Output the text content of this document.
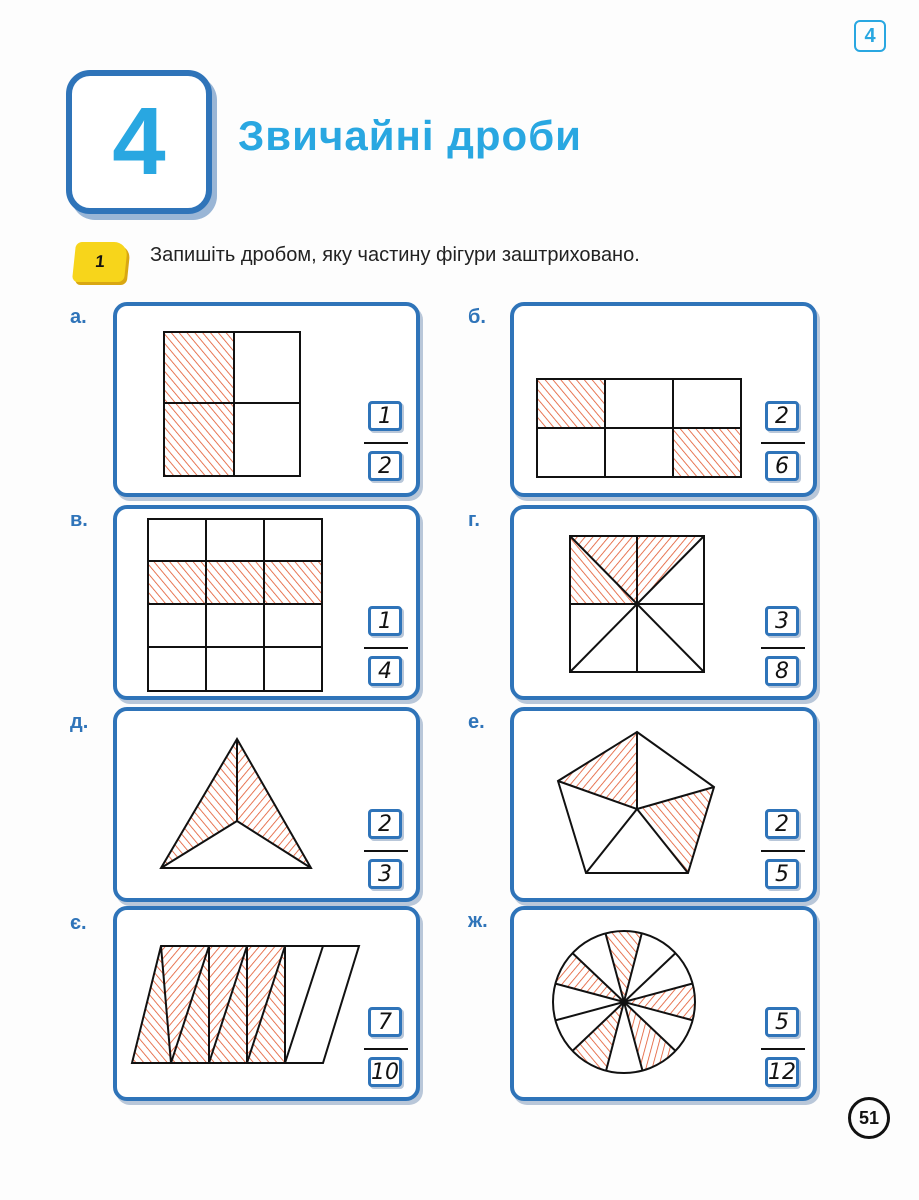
4
4 Звичайні дроби
1	Запишіть дробом, яку частину фігури заштриховано.
а.
$\frac{1}{2}$
б.
$\frac{2}{6}$
в.
$\frac{1}{4}$
г.
$\frac{3}{8}$
д.
$\frac{2}{3}$
е.
$\frac{2}{5}$
є.
$\frac{7}{10}$
ж.
$\frac{5}{12}$
51
